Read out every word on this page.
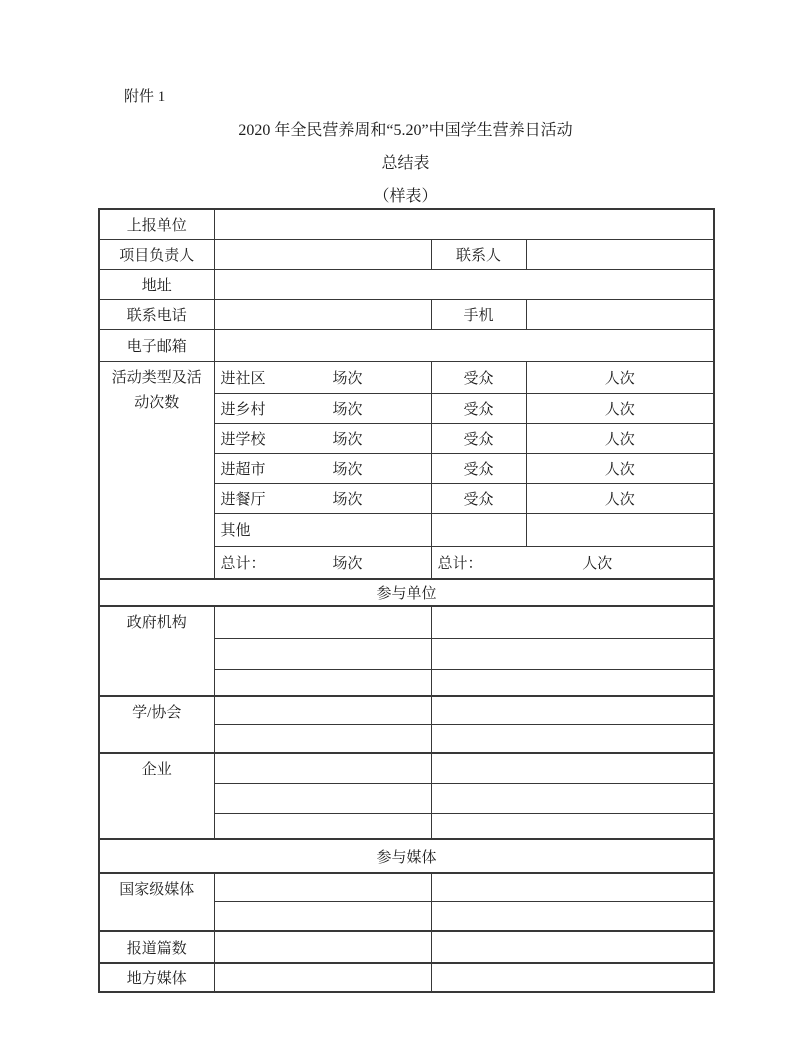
附件 1
2020 年全民营养周和“5.20”中国学生营养日活动
总结表
（样表）
上报单位			
项目负责人		联系人	
地址			
联系电话		手机	
电子邮箱			

活动类型及活动次数	进社区 场次	受众	人次

	进乡村 场次	受众	人次

	进学校 场次	受众	人次

	进超市 场次	受众	人次

	进餐厅 场次	受众	人次

	其他		

	总计： 场次	总计： 人次	

参与单位			
政府机构			

学/协会			

企业			

参与媒体			
国家级媒体			

报道篇数			
地方媒体			
